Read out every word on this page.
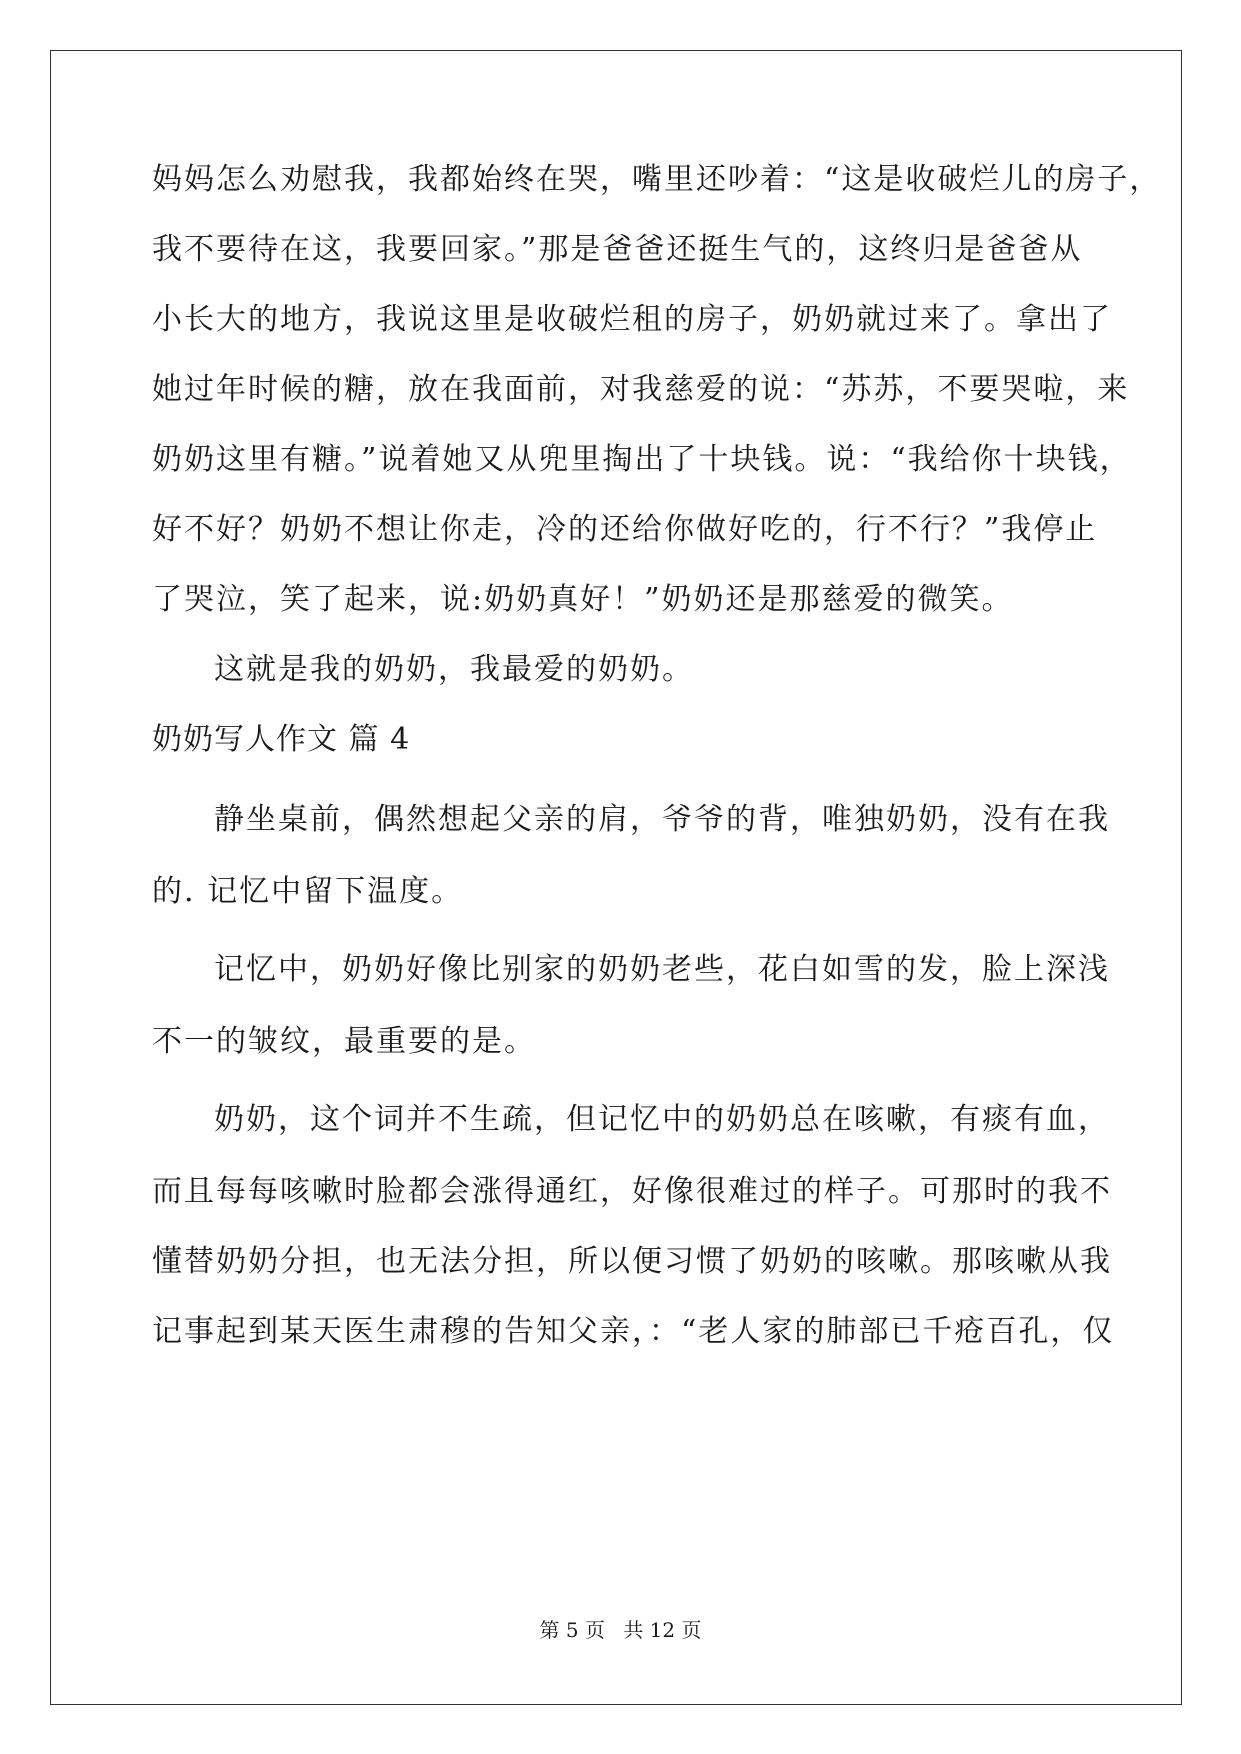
妈妈怎么劝慰我，我都始终在哭，嘴里还吵着：“这是收破烂儿的房子，
我不要待在这，我要回家。”那是爸爸还挺生气的，这终归是爸爸从
小长大的地方，我说这里是收破烂租的房子，奶奶就过来了。拿出了
她过年时候的糖，放在我面前，对我慈爱的说：“苏苏，不要哭啦，来
奶奶这里有糖。”说着她又从兜里掏出了十块钱。说：“我给你十块钱，
好不好？奶奶不想让你走，冷的还给你做好吃的，行不行？”我停止
了哭泣，笑了起来，说:奶奶真好！”奶奶还是那慈爱的微笑。
这就是我的奶奶，我最爱的奶奶。
奶奶写人作文 篇 4
静坐桌前，偶然想起父亲的肩，爷爷的背，唯独奶奶，没有在我
的. 记忆中留下温度。
记忆中，奶奶好像比别家的奶奶老些，花白如雪的发，脸上深浅
不一的皱纹，最重要的是。
奶奶，这个词并不生疏，但记忆中的奶奶总在咳嗽，有痰有血，
而且每每咳嗽时脸都会涨得通红，好像很难过的样子。可那时的我不
懂替奶奶分担，也无法分担，所以便习惯了奶奶的咳嗽。那咳嗽从我
记事起到某天医生肃穆的告知父亲，：“老人家的肺部已千疮百孔，仅
第 5 页 共 12 页
